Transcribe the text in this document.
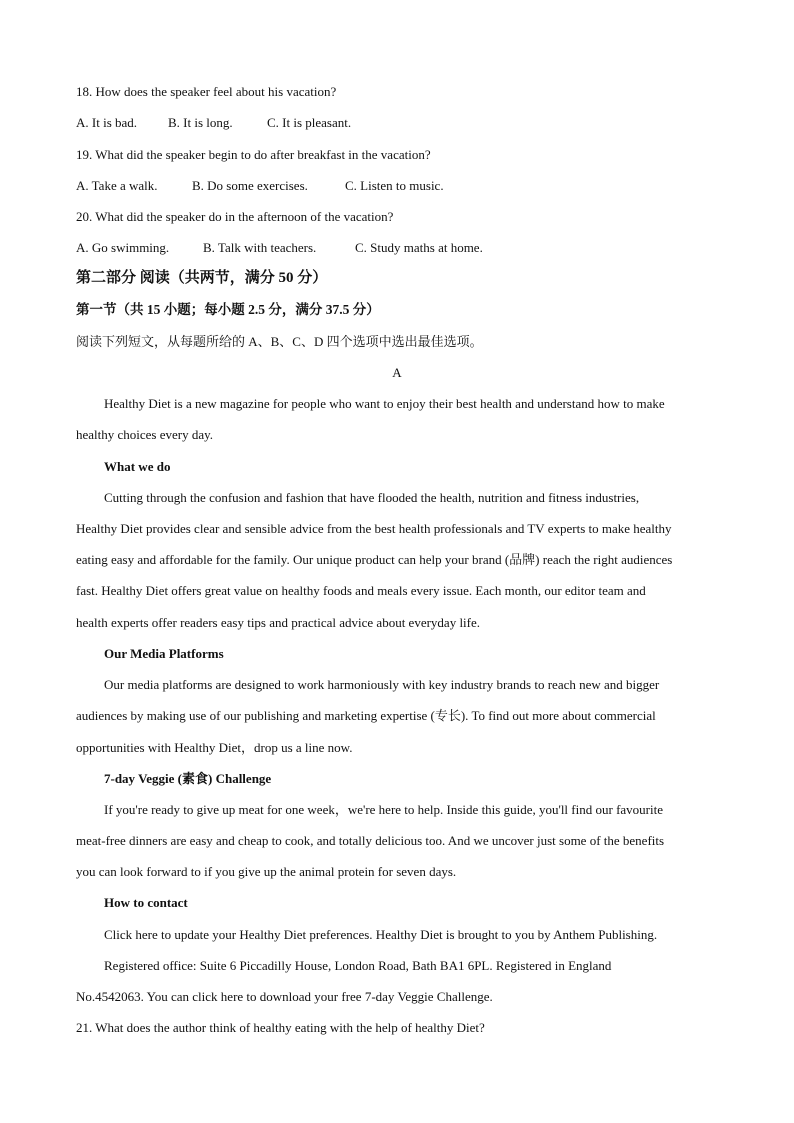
18. How does the speaker feel about his vacation?
A. It is bad. B. It is long.	C. It is pleasant.
19. What did the speaker begin to do after breakfast in the vacation?
A. Take a walk.	B. Do some exercises.	C. Listen to music.
20. What did the speaker do in the afternoon of the vacation?
A. Go swimming.	B. Talk with teachers.	C. Study maths at home.
第二部分 阅读（共两节，满分 50 分）
第一节（共 15 小题；每小题 2.5 分，满分 37.5 分）
阅读下列短文，从每题所给的 A、B、C、D 四个选项中选出最佳选项。
A
Healthy Diet is a new magazine for people who want to enjoy their best health and understand how to make
healthy choices every day.
What we do
Cutting through the confusion and fashion that have flooded the health, nutrition and fitness industries,
Healthy Diet provides clear and sensible advice from the best health professionals and TV experts to make healthy
eating easy and affordable for the family. Our unique product can help your brand (品牌) reach the right audiences
fast. Healthy Diet offers great value on healthy foods and meals every issue. Each month, our editor team and
health experts offer readers easy tips and practical advice about everyday life.
Our Media Platforms
Our media platforms are designed to work harmoniously with key industry brands to reach new and bigger
audiences by making use of our publishing and marketing expertise (专长). To find out more about commercial
opportunities with Healthy Diet，drop us a line now.
7-day Veggie (素食) Challenge
If you're ready to give up meat for one week，we're here to help. Inside this guide, you'll find our favourite
meat-free dinners are easy and cheap to cook, and totally delicious too. And we uncover just some of the benefits
you can look forward to if you give up the animal protein for seven days.
How to contact
Click here to update your Healthy Diet preferences. Healthy Diet is brought to you by Anthem Publishing.
Registered office: Suite 6 Piccadilly House, London Road, Bath BA1 6PL. Registered in England
No.4542063. You can click here to download your free 7-day Veggie Challenge.
21. What does the author think of healthy eating with the help of healthy Diet?
